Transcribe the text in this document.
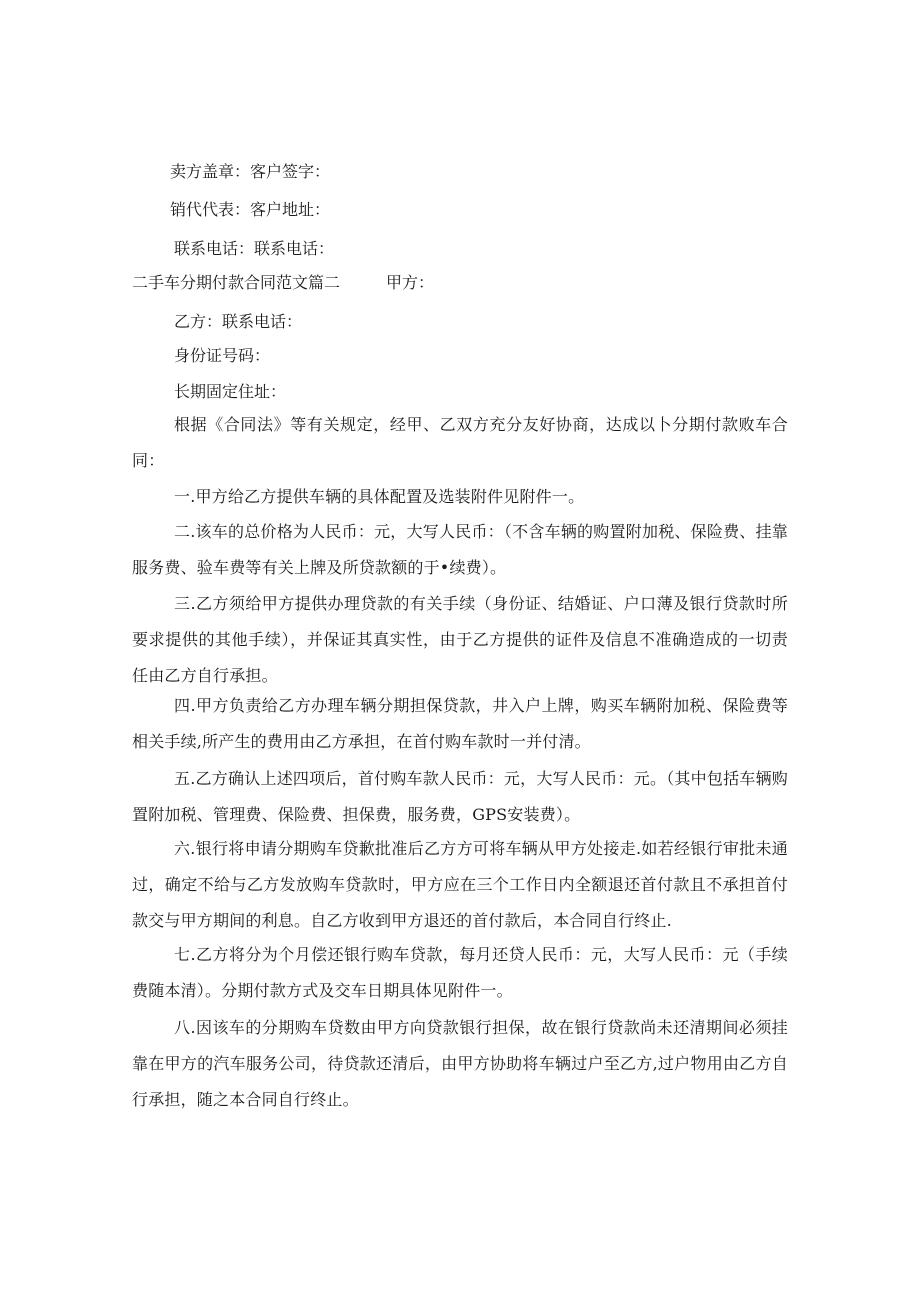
卖方盖章：客户签字：
销代代表：客户地址：
联系电话：联系电话：
二手车分期付款合同范文篇二	甲方：
乙方：联系电话：
身份证号码：
长期固定住址：
根据《合同法》等有关规定，经甲、乙双方充分友好协商，达成以卜分期付款败车合同：
一.甲方给乙方提供车辆的具体配置及选装附件见附件一。
二.该车的总价格为人民币：元，大写人民币：（不含车辆的购置附加税、保险费、挂靠服务费、验车费等有关上牌及所贷款额的于•续费）。
三.乙方须给甲方提供办理贷款的有关手续（身份证、结婚证、户口薄及银行贷款时所要求提供的其他手续），并保证其真实性，由于乙方提供的证件及信息不准确造成的一切责任由乙方自行承担。
四.甲方负责给乙方办理车辆分期担保贷款，井入户上牌，购买车辆附加税、保险费等相关手续,所产生的费用由乙方承担，在首付购车款时一并付清。
五.乙方确认上述四项后，首付购车款人民币：元，大写人民币：元。（其中包括车辆购置附加税、管理费、保险费、担保费，服务费，GPS安装费）。
六.银行将申请分期购车贷歉批准后乙方方可将车辆从甲方处接走.如若经银行审批未通过，确定不给与乙方发放购车贷款时，甲方应在三个工作日内全额退还首付款且不承担首付款交与甲方期间的利息。自乙方收到甲方退还的首付款后，本合同自行终止.
七.乙方将分为个月偿还银行购车贷款，每月还贷人民币：元，大写人民币：元（手续费随本清）。分期付款方式及交车日期具体见附件一。
八.因该车的分期购车贷数由甲方向贷款银行担保，故在银行贷款尚未还清期间必须挂靠在甲方的汽车服务公司，待贷款还清后，由甲方协助将车辆过户至乙方,过户物用由乙方自行承担，随之本合同自行终止。
